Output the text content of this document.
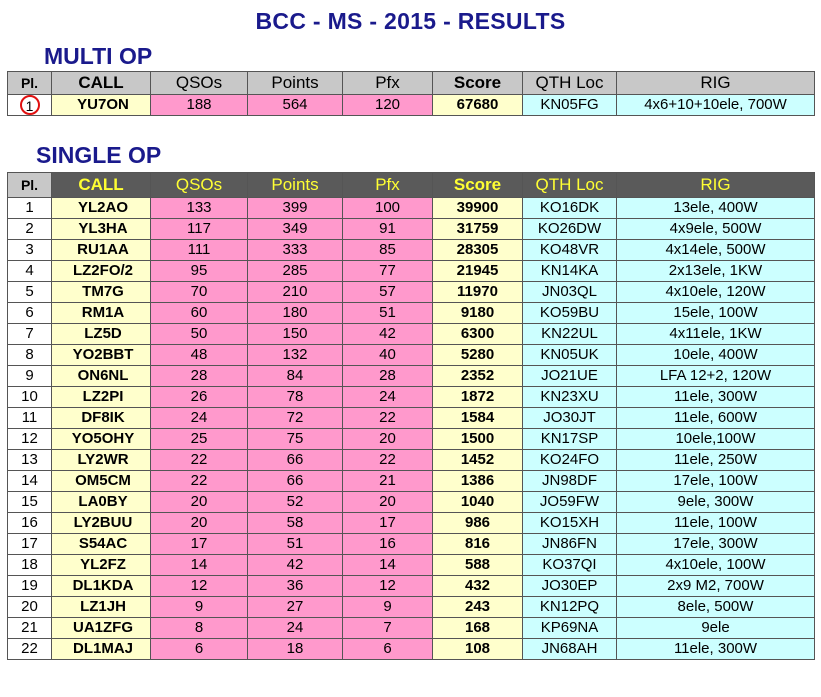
BCC - MS - 2015 - RESULTS
MULTI OP
Pl.	CALL	QSOs	Points	Pfx	Score	QTH Loc	RIG
1	YU7ON	188	564	120	67680	KN05FG	4x6+10+10ele, 700W
SINGLE OP
Pl.	CALL	QSOs	Points	Pfx	Score	QTH Loc	RIG
1	YL2AO	133	399	100	39900	KO16DK	13ele, 400W
2	YL3HA	117	349	91	31759	KO26DW	4x9ele, 500W
3	RU1AA	111	333	85	28305	KO48VR	4x14ele, 500W
4	LZ2FO/2	95	285	77	21945	KN14KA	2x13ele, 1KW
5	TM7G	70	210	57	11970	JN03QL	4x10ele, 120W
6	RM1A	60	180	51	9180	KO59BU	15ele, 100W
7	LZ5D	50	150	42	6300	KN22UL	4x11ele, 1KW
8	YO2BBT	48	132	40	5280	KN05UK	10ele, 400W
9	ON6NL	28	84	28	2352	JO21UE	LFA 12+2, 120W
10	LZ2PI	26	78	24	1872	KN23XU	11ele, 300W
11	DF8IK	24	72	22	1584	JO30JT	11ele, 600W
12	YO5OHY	25	75	20	1500	KN17SP	10ele,100W
13	LY2WR	22	66	22	1452	KO24FO	11ele, 250W
14	OM5CM	22	66	21	1386	JN98DF	17ele, 100W
15	LA0BY	20	52	20	1040	JO59FW	9ele, 300W
16	LY2BUU	20	58	17	986	KO15XH	11ele, 100W
17	S54AC	17	51	16	816	JN86FN	17ele, 300W
18	YL2FZ	14	42	14	588	KO37QI	4x10ele, 100W
19	DL1KDA	12	36	12	432	JO30EP	2x9 M2, 700W
20	LZ1JH	9	27	9	243	KN12PQ	8ele, 500W
21	UA1ZFG	8	24	7	168	KP69NA	9ele
22	DL1MAJ	6	18	6	108	JN68AH	11ele, 300W
